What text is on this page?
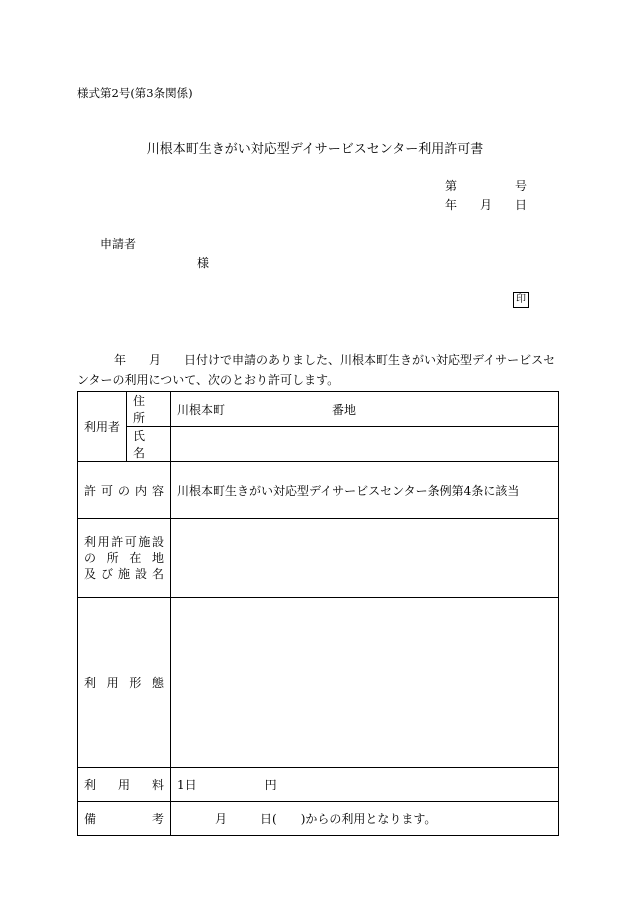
様式第2号(第3条関係)
川根本町生きがい対応型デイサービスセンター利用許可書
第	号
年 月 日
申請者
様
印
年 月 日付けで申請のありました、川根本町生きがい対応型デイサービスセ
ンターの利用について、次のとおり許可します。
利用者	住　所	川根本町 番地
	氏　名	
許可の内容		川根本町生きがい対応型デイサービスセンター条例第4条に該当

利用許可施設
の所在地
及び施設名		

利用形態		
利用料		1日 円
備考		月 日( )からの利用となります。
